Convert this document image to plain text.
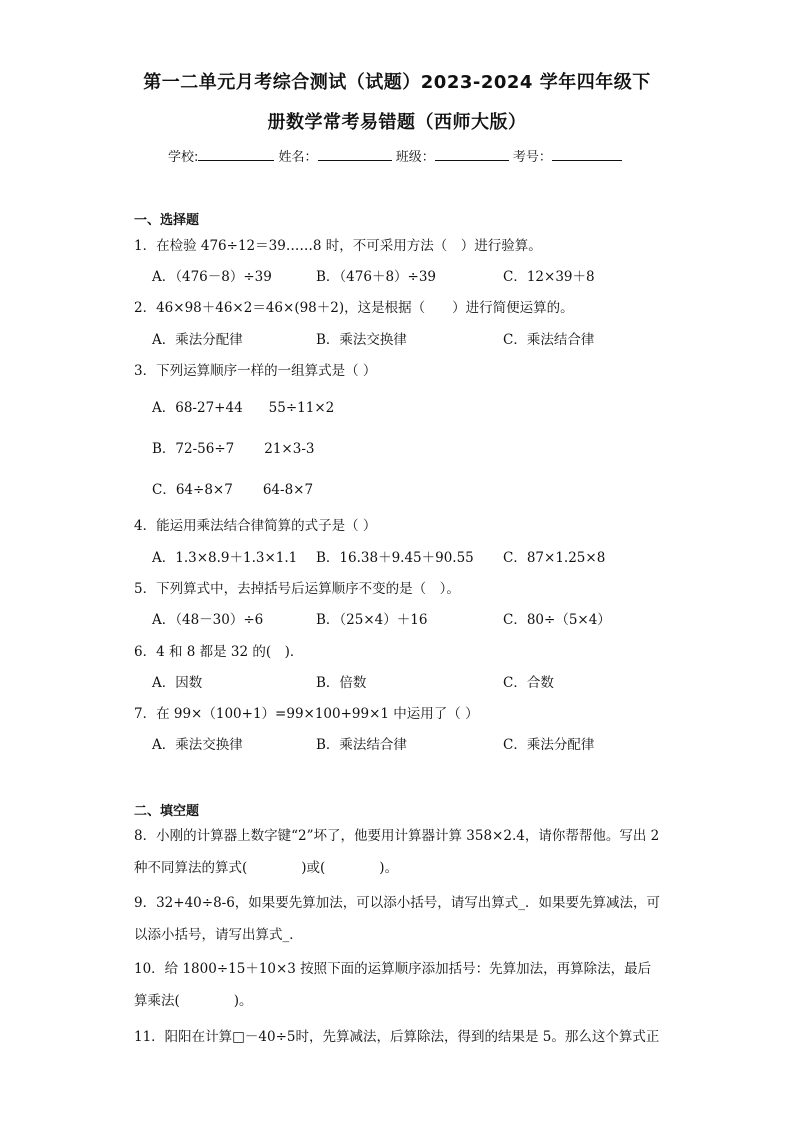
第一二单元月考综合测试（试题）2023-2024 学年四年级下
册数学常考易错题（西师大版）
学校:	姓名：	班级：	考号：
一、选择题
1．在检验 476÷12＝39……8 时，不可采用方法（　）进行验算。
A．（476－8）÷39	B．（476＋8）÷39	C．12×39＋8
2．46×98＋46×2＝46×(98＋2)，这是根据（　　）进行简便运算的。
A．乘法分配律	B．乘法交换律	C．乘法结合律
3．下列运算顺序一样的一组算式是（ ）
A．68-27+44 55÷11×2
B．72-56÷7 21×3-3
C．64÷8×7 64-8×7
4．能运用乘法结合律简算的式子是（ ）
A．1.3×8.9＋1.3×1.1 B．16.38＋9.45＋90.55 C．87×1.25×8
5．下列算式中，去掉括号后运算顺序不变的是（　）。
A．（48－30）÷6	B．（25×4）＋16	C．80÷（5×4）
6．4 和 8 都是 32 的(　)．
A．因数	B．倍数	C．合数
7．在 99×（100+1）=99×100+99×1 中运用了（ ）
A．乘法交换律	B．乘法结合律	C．乘法分配律
二、填空题
8．小刚的计算器上数字键“2”坏了，他要用计算器计算 358×2.4，请你帮帮他。写出 2 种不同算法的算式(　　　　)或(　　　　)。
9．32+40÷8-6，如果要先算加法，可以添小括号，请写出算式_．如果要先算减法，可以添小括号，请写出算式_．
10．给 1800÷15＋10×3 按照下面的运算顺序添加括号：先算加法，再算除法，最后算乘法(　　　　)。
11．阳阳在计算□－40÷5时，先算减法，后算除法，得到的结果是 5。那么这个算式正
